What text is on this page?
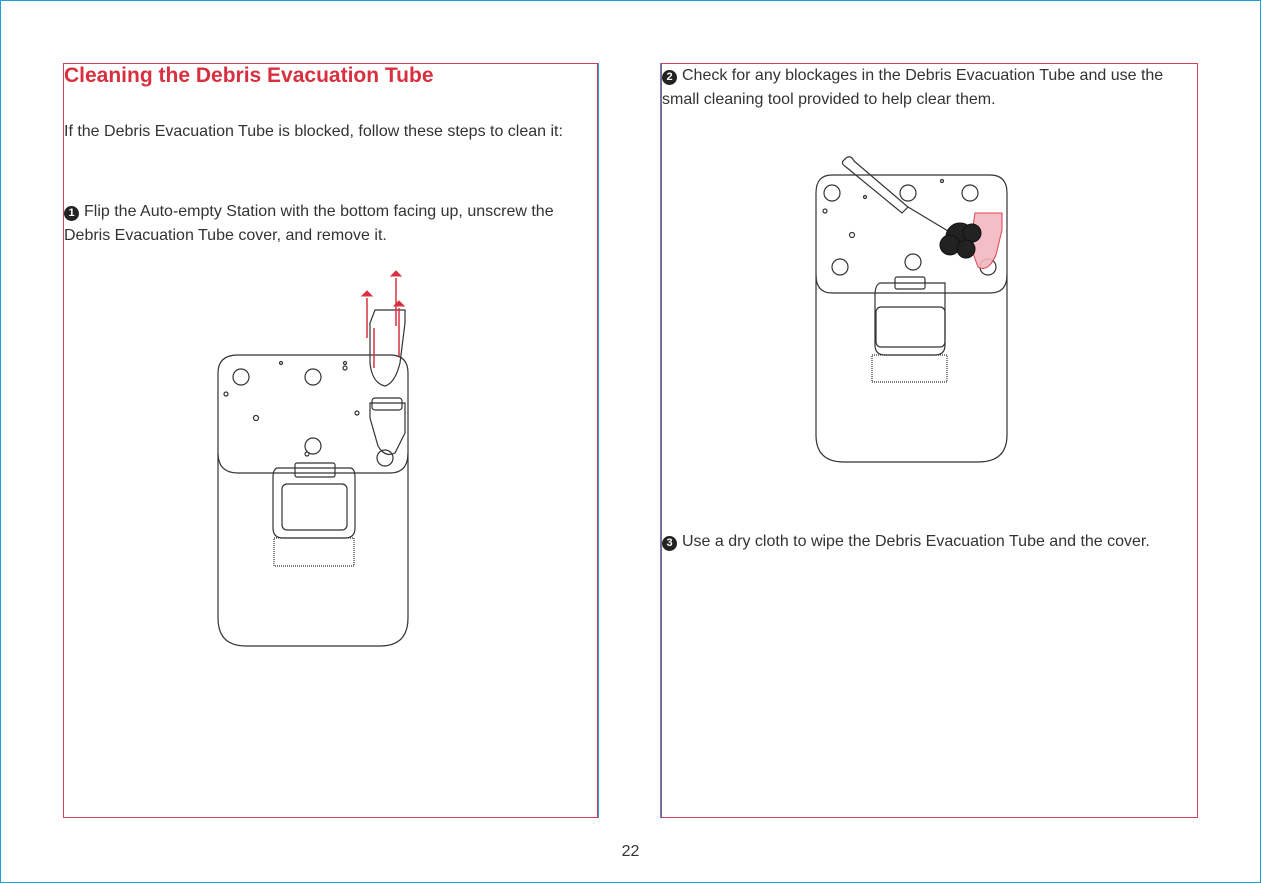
Cleaning the Debris Evacuation Tube
If the Debris Evacuation Tube is blocked, follow these steps to clean it:
1 Flip the Auto-empty Station with the bottom facing up, unscrew the Debris Evacuation Tube cover, and remove it.
2 Check for any blockages in the Debris Evacuation Tube and use the small cleaning tool provided to help clear them.
3 Use a dry cloth to wipe the Debris Evacuation Tube and the cover.
22
